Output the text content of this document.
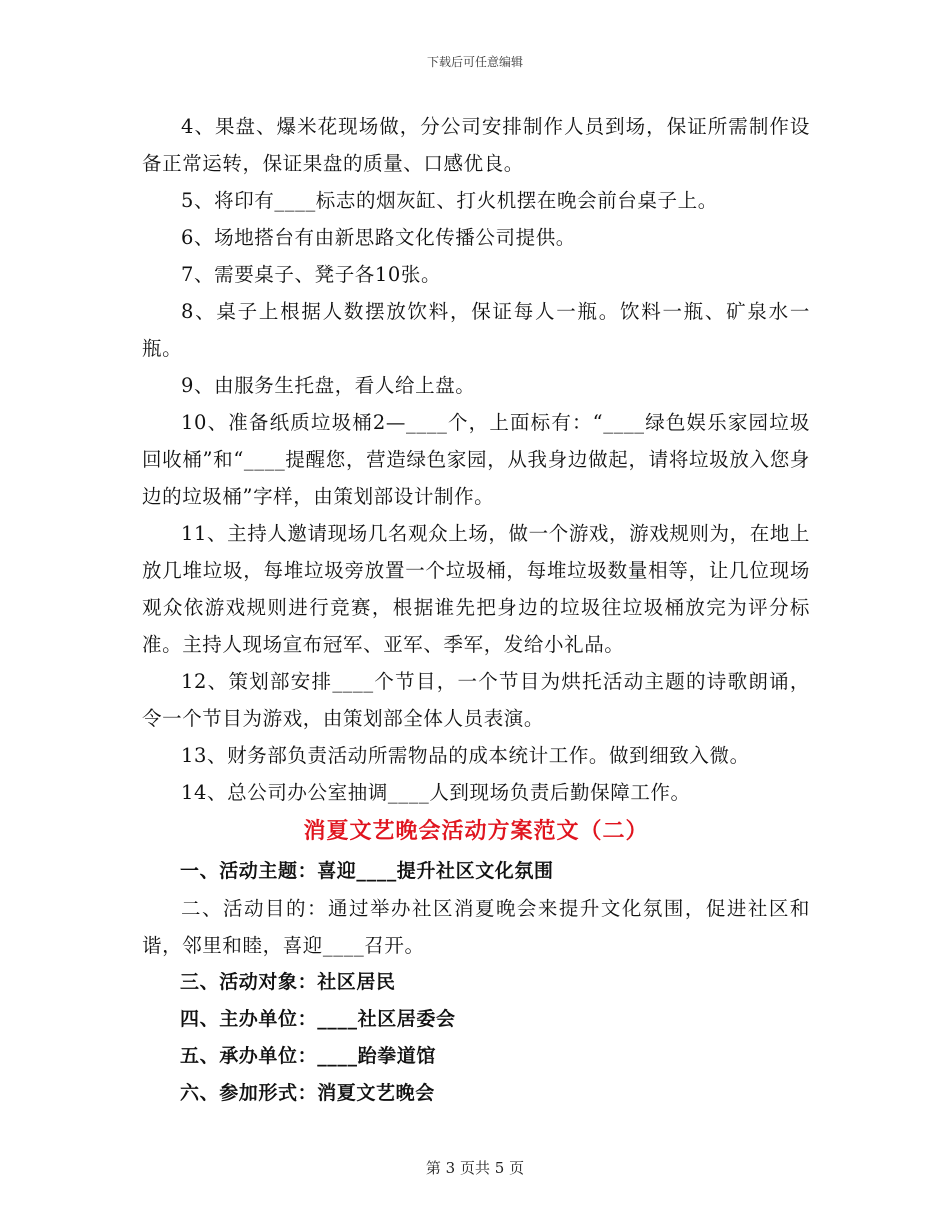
下载后可任意编辑

4、果盘、爆米花现场做，分公司安排制作人员到场，保证所需制作设备正常运转，保证果盘的质量、口感优良。

5、将印有____标志的烟灰缸、打火机摆在晚会前台桌子上。

6、场地搭台有由新思路文化传播公司提供。

7、需要桌子、凳子各10张。

8、桌子上根据人数摆放饮料，保证每人一瓶。饮料一瓶、矿泉水一瓶。

9、由服务生托盘，看人给上盘。

10、准备纸质垃圾桶2—____个，上面标有：“____绿色娱乐家园垃圾回收桶”和“____提醒您，营造绿色家园，从我身边做起，请将垃圾放入您身边的垃圾桶”字样，由策划部设计制作。

11、主持人邀请现场几名观众上场，做一个游戏，游戏规则为，在地上放几堆垃圾，每堆垃圾旁放置一个垃圾桶，每堆垃圾数量相等，让几位现场观众依游戏规则进行竞赛，根据谁先把身边的垃圾往垃圾桶放完为评分标准。主持人现场宣布冠军、亚军、季军，发给小礼品。

12、策划部安排____个节目，一个节目为烘托活动主题的诗歌朗诵，令一个节目为游戏，由策划部全体人员表演。

13、财务部负责活动所需物品的成本统计工作。做到细致入微。

14、总公司办公室抽调____人到现场负责后勤保障工作。

消夏文艺晚会活动方案范文（二）

一、活动主题：喜迎____提升社区文化氛围

二、活动目的：通过举办社区消夏晚会来提升文化氛围，促进社区和谐，邻里和睦，喜迎____召开。

三、活动对象：社区居民

四、主办单位：____社区居委会

五、承办单位：____跆拳道馆

六、参加形式：消夏文艺晚会

第 3 页共 5 页
